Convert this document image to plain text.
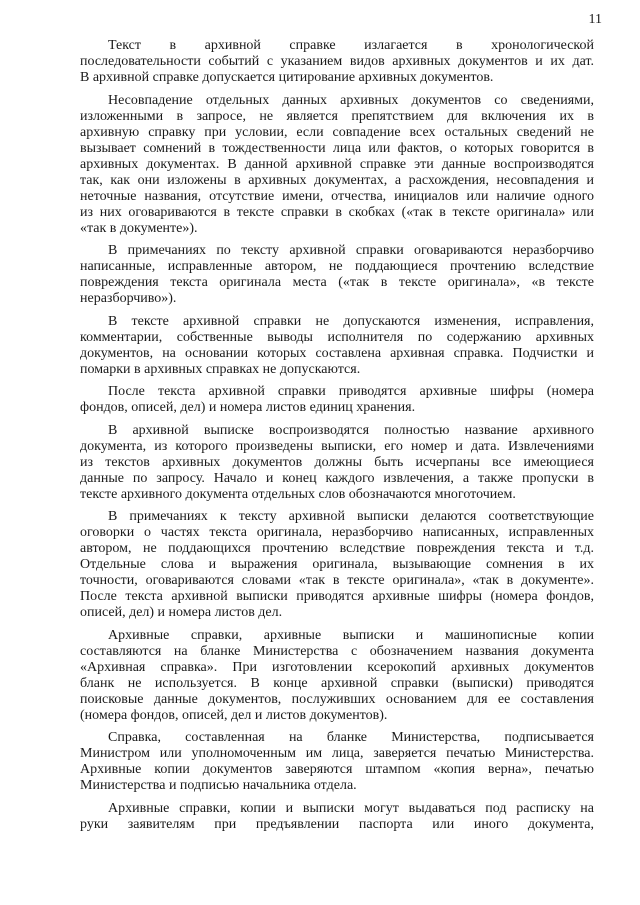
11
Текст в архивной справке излагается в хронологической
последовательности событий с указанием видов архивных документов и их дат.
В архивной справке допускается цитирование архивных документов.
Несовпадение отдельных данных архивных документов со сведениями,
изложенными в запросе, не является препятствием для включения их в
архивную справку при условии, если совпадение всех остальных сведений не
вызывает сомнений в тождественности лица или фактов, о которых говорится в
архивных документах. В данной архивной справке эти данные воспроизводятся
так, как они изложены в архивных документах, а расхождения, несовпадения и
неточные названия, отсутствие имени, отчества, инициалов или наличие одного
из них оговариваются в тексте справки в скобках («так в тексте оригинала» или
«так в документе»).
В примечаниях по тексту архивной справки оговариваются неразборчиво
написанные, исправленные автором, не поддающиеся прочтению вследствие
повреждения текста оригинала места («так в тексте оригинала», «в тексте
неразборчиво»).
В тексте архивной справки не допускаются изменения, исправления,
комментарии, собственные выводы исполнителя по содержанию архивных
документов, на основании которых составлена архивная справка. Подчистки и
помарки в архивных справках не допускаются.
После текста архивной справки приводятся архивные шифры (номера
фондов, описей, дел) и номера листов единиц хранения.
В архивной выписке воспроизводятся полностью название архивного
документа, из которого произведены выписки, его номер и дата. Извлечениями
из текстов архивных документов должны быть исчерпаны все имеющиеся
данные по запросу. Начало и конец каждого извлечения, а также пропуски в
тексте архивного документа отдельных слов обозначаются многоточием.
В примечаниях к тексту архивной выписки делаются соответствующие
оговорки о частях текста оригинала, неразборчиво написанных, исправленных
автором, не поддающихся прочтению вследствие повреждения текста и т.д.
Отдельные слова и выражения оригинала, вызывающие сомнения в их
точности, оговариваются словами «так в тексте оригинала», «так в документе».
После текста архивной выписки приводятся архивные шифры (номера фондов,
описей, дел) и номера листов дел.
Архивные справки, архивные выписки и машинописные копии
составляются на бланке Министерства с обозначением названия документа
«Архивная справка». При изготовлении ксерокопий архивных документов
бланк не используется. В конце архивной справки (выписки) приводятся
поисковые данные документов, послуживших основанием для ее составления
(номера фондов, описей, дел и листов документов).
Справка, составленная на бланке Министерства, подписывается
Министром или уполномоченным им лица, заверяется печатью Министерства.
Архивные копии документов заверяются штампом «копия верна», печатью
Министерства и подписью начальника отдела.
Архивные справки, копии и выписки могут выдаваться под расписку на
руки заявителям при предъявлении паспорта или иного документа,
